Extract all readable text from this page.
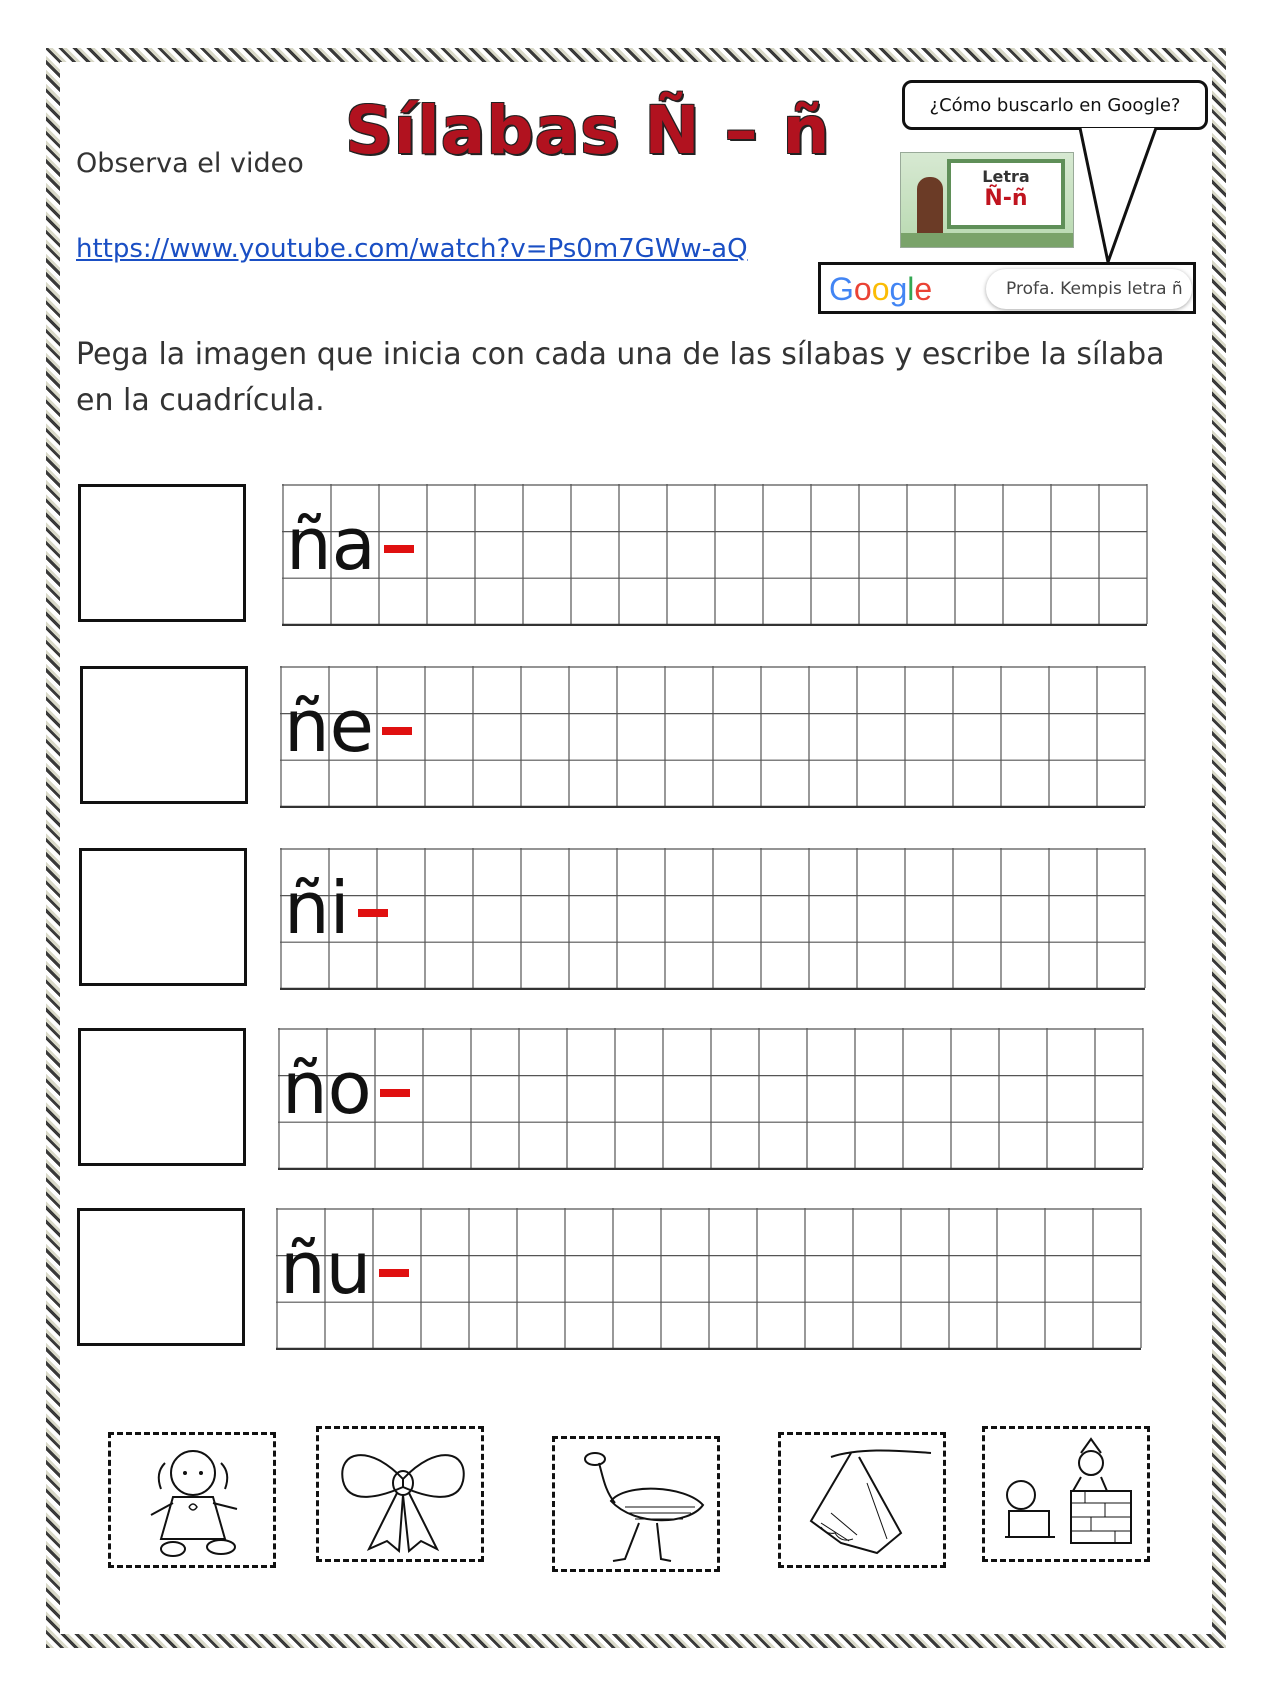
Sílabas Ñ – ñ
Observa el video
https://www.youtube.com/watch?v=Ps0m7GWw-aQ
¿Cómo buscarlo en Google?
Letra
Ñ-ñ
Google	Profa. Kempis letra ñ
Pega la imagen que inicia con cada una de las sílabas y escribe la sílaba en la cuadrícula.
ña
ñe
ñi
ño
ñu
